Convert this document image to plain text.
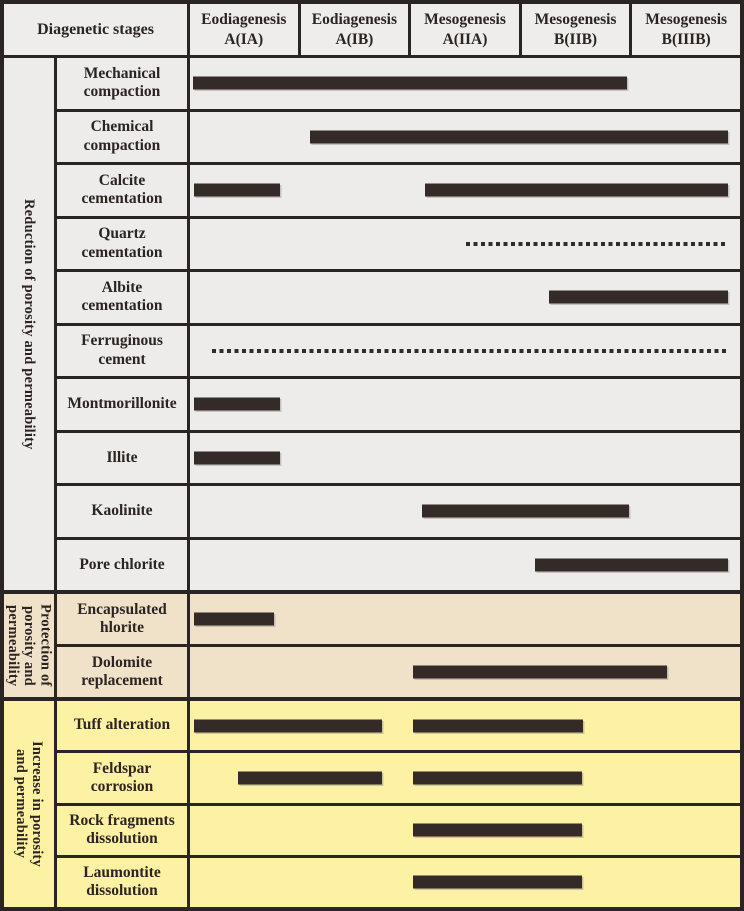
Diagenetic stages
Eodiagenesis
A(IA)
Eodiagenesis
A(IB)
Mesogenesis
A(IIA)
Mesogenesis
B(IIB)
Mesogenesis
B(IIIB)
Reduction of porosity and permeability
Mechanical compaction
Chemical compaction
Calcite cementation
Quartz cementation
Albite cementation
Ferruginous cement
Montmorillonite
Illite
Kaolinite
Pore chlorite
Protection of
porosity and
permeability	Encapsulated hlorite
Dolomite replacement
Increase in porosity
and permeability
Tuff alteration
Feldspar corrosion
Rock fragments dissolution
Laumontite dissolution
